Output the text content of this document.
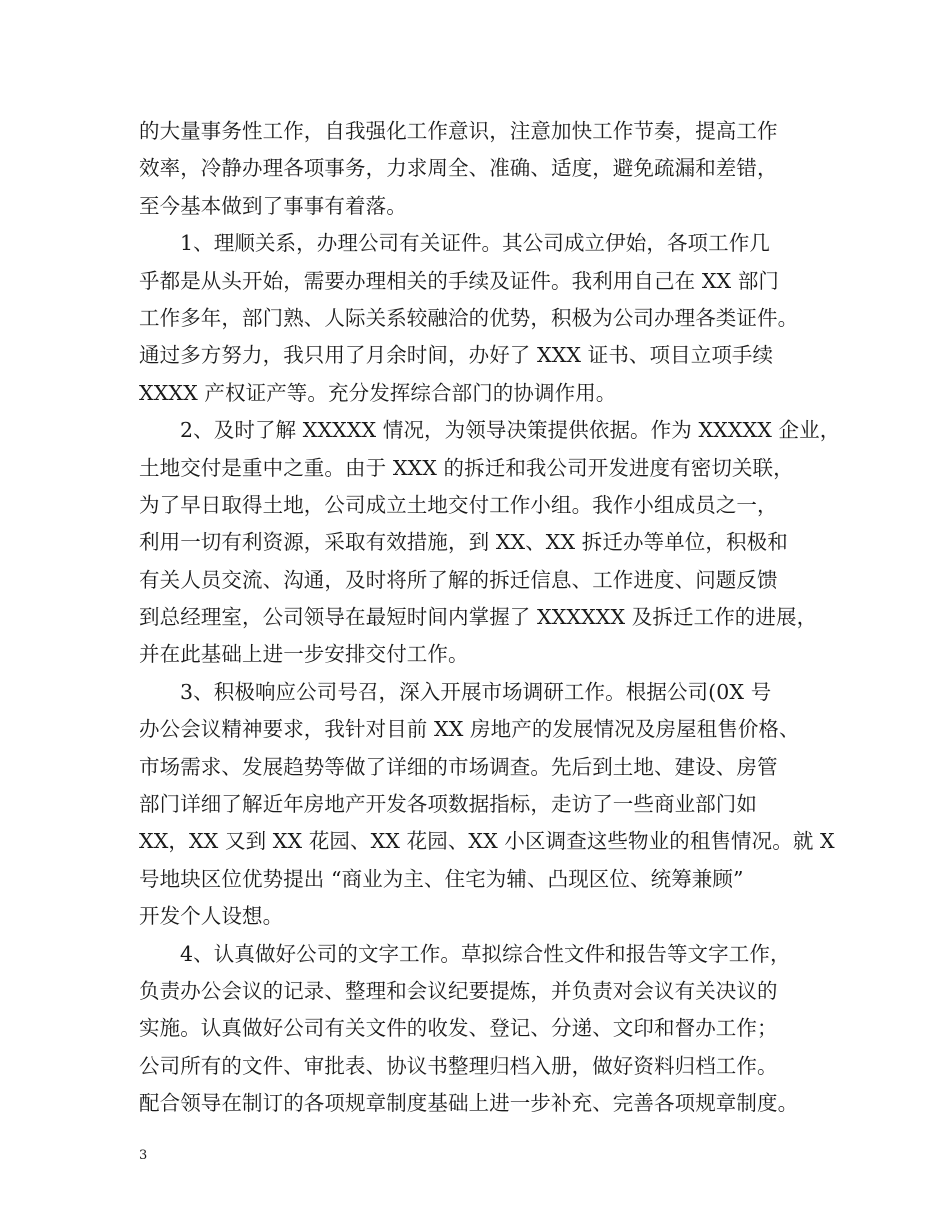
的大量事务性工作，自我强化工作意识，注意加快工作节奏，提高工作
效率，冷静办理各项事务，力求周全、准确、适度，避免疏漏和差错，
至今基本做到了事事有着落。
1、理顺关系，办理公司有关证件。其公司成立伊始，各项工作几
乎都是从头开始，需要办理相关的手续及证件。我利用自己在 XX 部门
工作多年，部门熟、人际关系较融洽的优势，积极为公司办理各类证件。
通过多方努力，我只用了月余时间，办好了 XXX 证书、项目立项手续
XXXX 产权证产等。充分发挥综合部门的协调作用。
2、及时了解 XXXXX 情况，为领导决策提供依据。作为 XXXXX 企业，
土地交付是重中之重。由于 XXX 的拆迁和我公司开发进度有密切关联，
为了早日取得土地，公司成立土地交付工作小组。我作小组成员之一，
利用一切有利资源，采取有效措施，到 XX、XX 拆迁办等单位，积极和
有关人员交流、沟通，及时将所了解的拆迁信息、工作进度、问题反馈
到总经理室，公司领导在最短时间内掌握了 XXXXXX 及拆迁工作的进展，
并在此基础上进一步安排交付工作。
3、积极响应公司号召，深入开展市场调研工作。根据公司(0X 号
办公会议精神要求，我针对目前 XX 房地产的发展情况及房屋租售价格、
市场需求、发展趋势等做了详细的市场调查。先后到土地、建设、房管
部门详细了解近年房地产开发各项数据指标，走访了一些商业部门如
XX，XX 又到 XX 花园、XX 花园、XX 小区调查这些物业的租售情况。就 X
号地块区位优势提出 “商业为主、住宅为辅、凸现区位、统筹兼顾”
开发个人设想。
4、认真做好公司的文字工作。草拟综合性文件和报告等文字工作，
负责办公会议的记录、整理和会议纪要提炼，并负责对会议有关决议的
实施。认真做好公司有关文件的收发、登记、分递、文印和督办工作；
公司所有的文件、审批表、协议书整理归档入册，做好资料归档工作。
配合领导在制订的各项规章制度基础上进一步补充、完善各项规章制度。
3
